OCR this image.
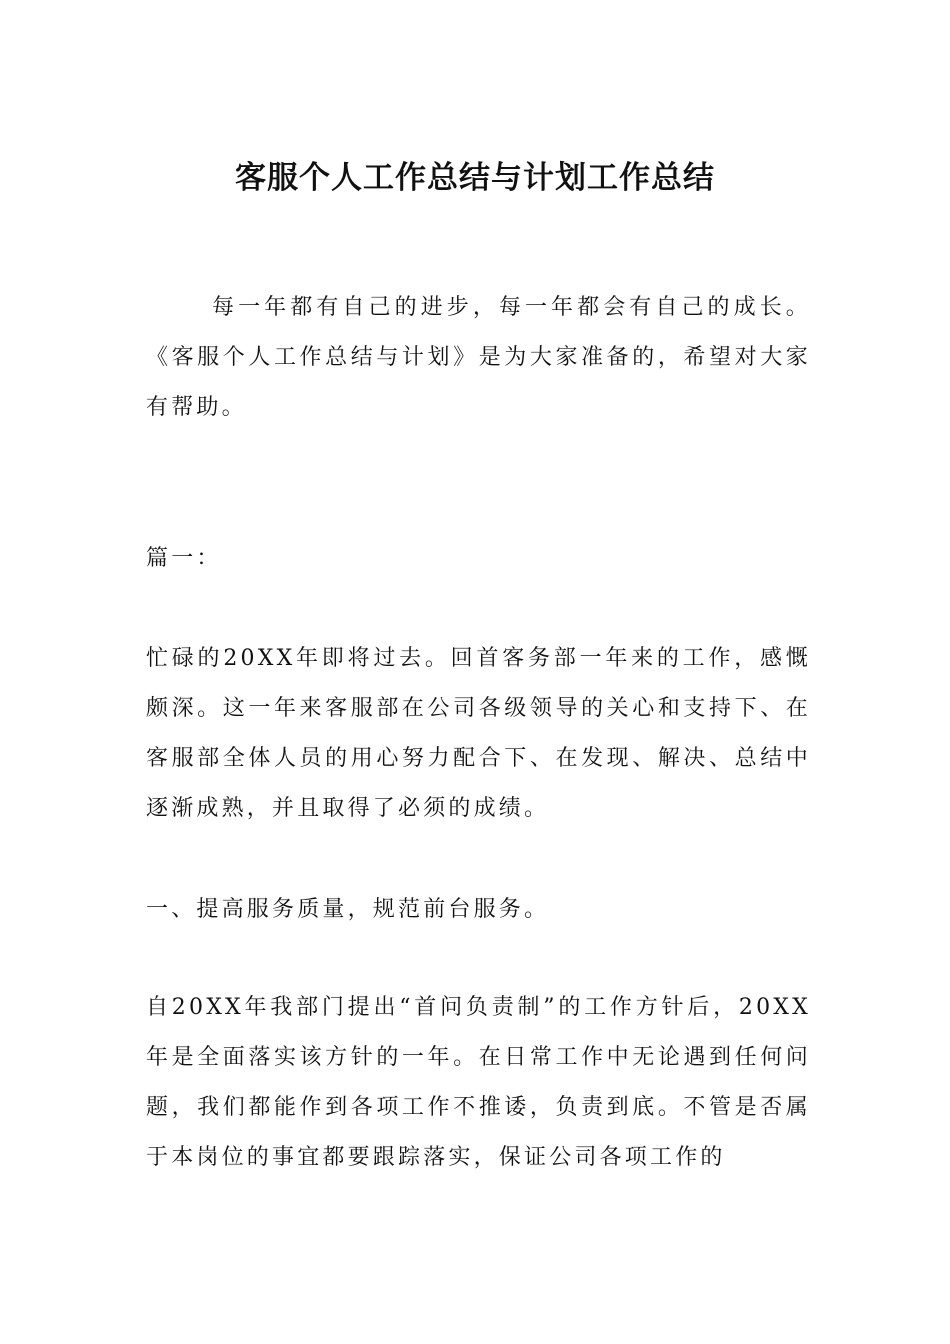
客服个人工作总结与计划工作总结

每一年都有自己的进步，每一年都会有自己的成长。《客服个人工作总结与计划》是为大家准备的，希望对大家有帮助。

篇一：

忙碌的20XX年即将过去。回首客务部一年来的工作，感慨颇深。这一年来客服部在公司各级领导的关心和支持下、在客服部全体人员的用心努力配合下、在发现、解决、总结中逐渐成熟，并且取得了必须的成绩。

一、提高服务质量，规范前台服务。

自20XX年我部门提出“首问负责制”的工作方针后，20XX年是全面落实该方针的一年。在日常工作中无论遇到任何问题，我们都能作到各项工作不推诿，负责到底。不管是否属于本岗位的事宜都要跟踪落实，保证公司各项工作的
